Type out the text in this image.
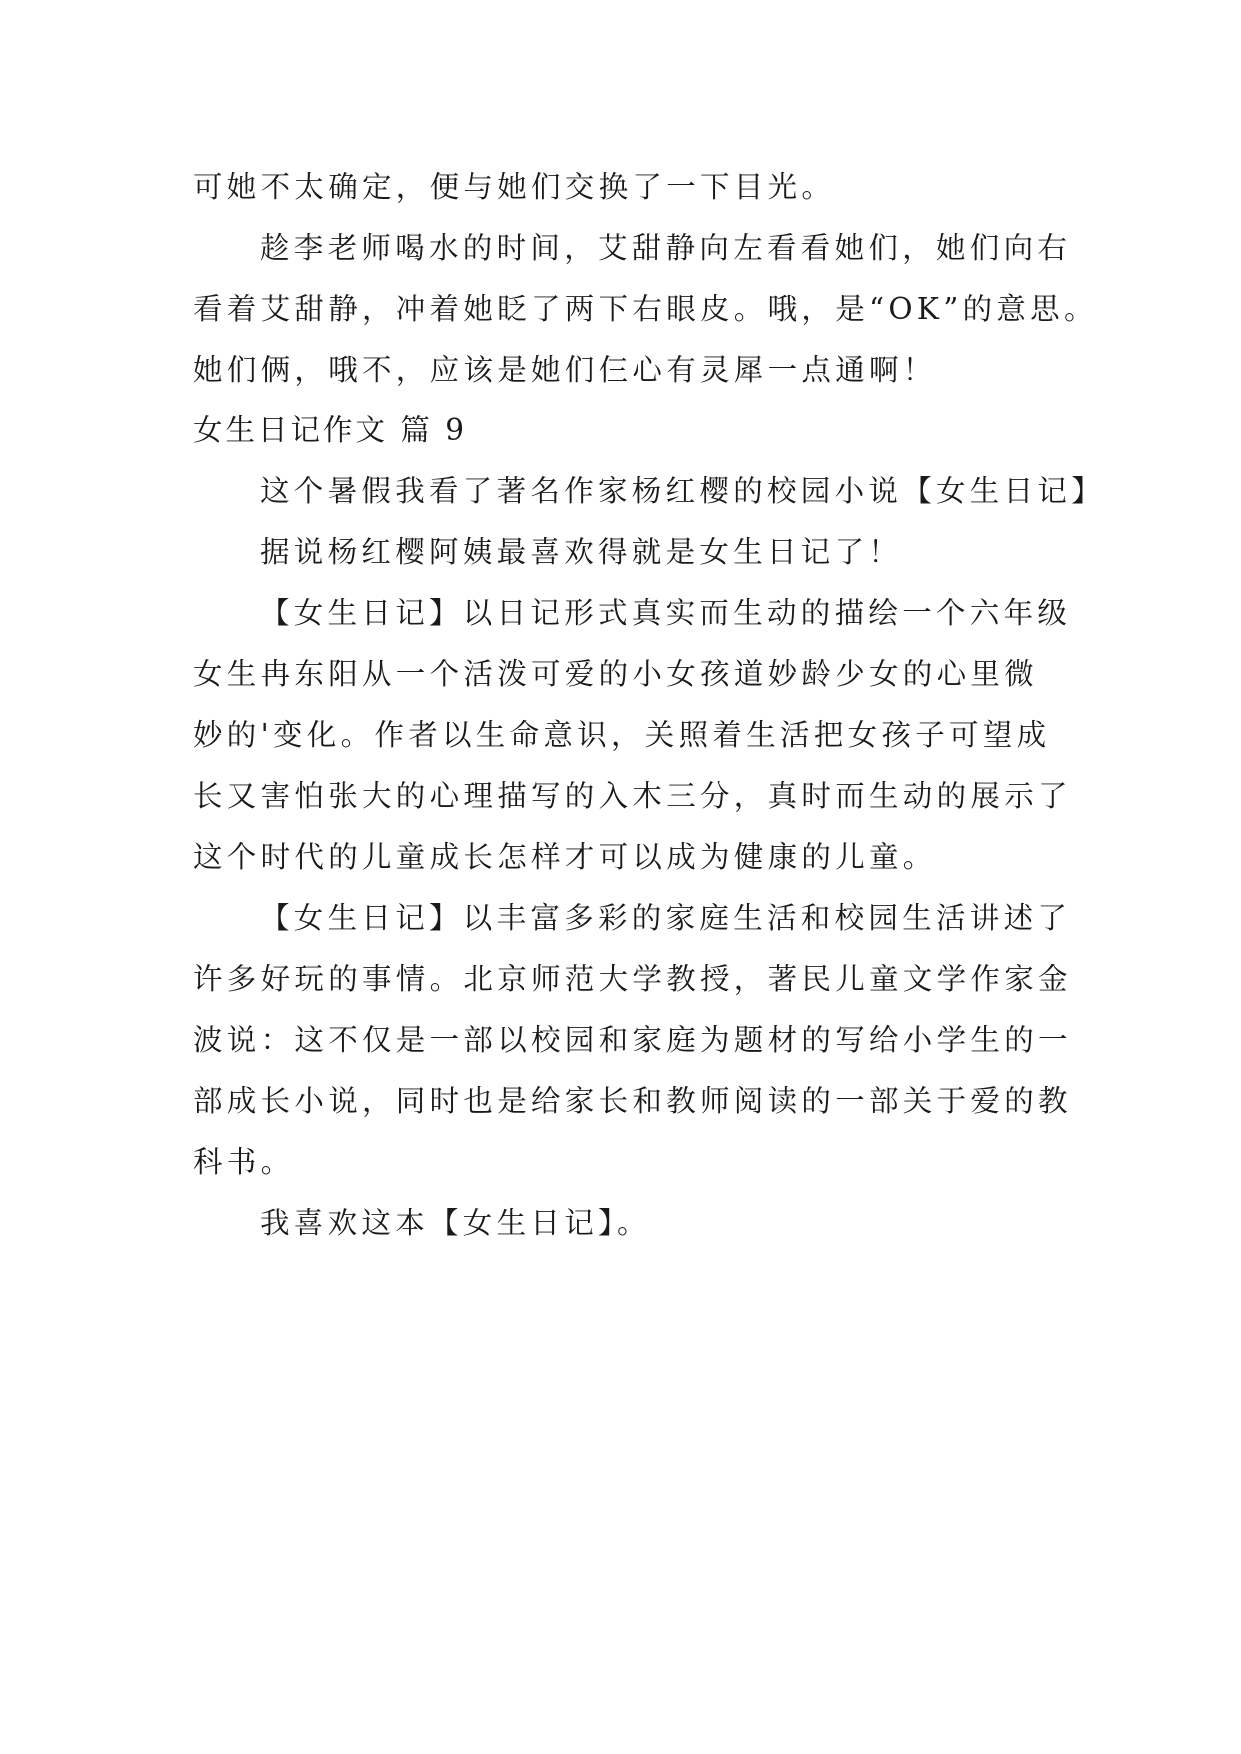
可她不太确定，便与她们交换了一下目光。
趁李老师喝水的时间，艾甜静向左看看她们，她们向右
看着艾甜静，冲着她眨了两下右眼皮。哦，是“OK”的意思。
她们俩，哦不，应该是她们仨心有灵犀一点通啊！
女生日记作文 篇 9
这个暑假我看了著名作家杨红樱的校园小说【女生日记】
据说杨红樱阿姨最喜欢得就是女生日记了！
【女生日记】以日记形式真实而生动的描绘一个六年级
女生冉东阳从一个活泼可爱的小女孩道妙龄少女的心里微
妙的'变化。作者以生命意识，关照着生活把女孩子可望成
长又害怕张大的心理描写的入木三分，真时而生动的展示了
这个时代的儿童成长怎样才可以成为健康的儿童。
【女生日记】以丰富多彩的家庭生活和校园生活讲述了
许多好玩的事情。北京师范大学教授，著民儿童文学作家金
波说：这不仅是一部以校园和家庭为题材的写给小学生的一
部成长小说，同时也是给家长和教师阅读的一部关于爱的教
科书。
我喜欢这本【女生日记】。
